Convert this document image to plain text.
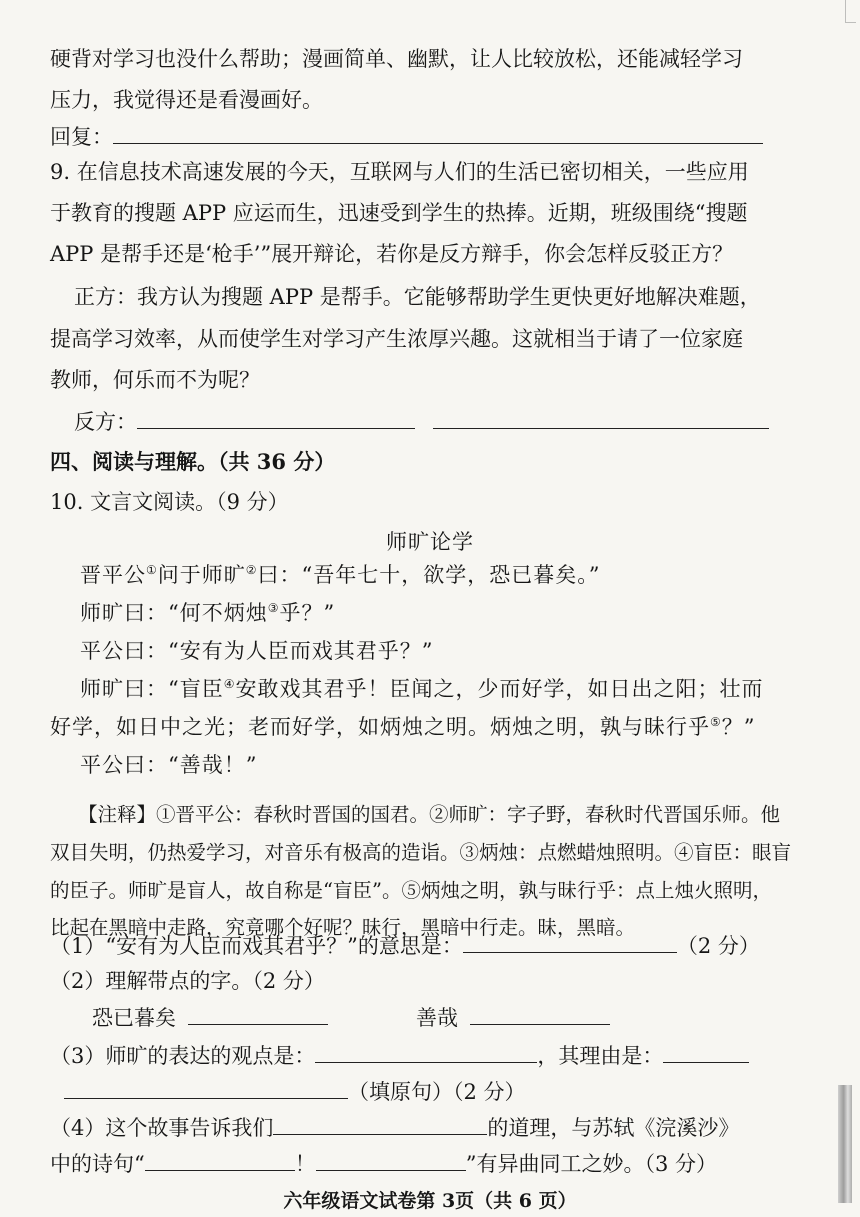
硬背对学习也没什么帮助；漫画简单、幽默，让人比较放松，还能减轻学习
压力，我觉得还是看漫画好。
回复：
9. 在信息技术高速发展的今天，互联网与人们的生活已密切相关，一些应用
于教育的搜题 APP 应运而生，迅速受到学生的热捧。近期，班级围绕“搜题
APP 是帮手还是‘枪手’”展开辩论，若你是反方辩手，你会怎样反驳正方？
正方：我方认为搜题 APP 是帮手。它能够帮助学生更快更好地解决难题，
提高学习效率，从而使学生对学习产生浓厚兴趣。这就相当于请了一位家庭
教师，何乐而不为呢？
反方：
四、阅读与理解。（共 36 分）
10. 文言文阅读。（9 分）
师旷论学
晋平公①问于师旷②曰：“吾年七十，欲学，恐已暮矣。”
师旷曰：“何不炳烛③乎？”
平公曰：“安有为人臣而戏其君乎？”
师旷曰：“盲臣④安敢戏其君乎！臣闻之，少而好学，如日出之阳；壮而
好学，如日中之光；老而好学，如炳烛之明。炳烛之明，孰与昧行乎⑤？”
平公曰：“善哉！”
【注释】①晋平公：春秋时晋国的国君。②师旷：字子野，春秋时代晋国乐师。他
双目失明，仍热爱学习，对音乐有极高的造诣。③炳烛：点燃蜡烛照明。④盲臣：眼盲
的臣子。师旷是盲人，故自称是“盲臣”。⑤炳烛之明，孰与昧行乎：点上烛火照明，
比起在黑暗中走路，究竟哪个好呢？昧行，黑暗中行走。昧，黑暗。
（1）“安有为人臣而戏其君乎？”的意思是：	（2 分）
（2）理解带点的字。（2 分）
恐已暮矣	善哉
（3）师旷的表达的观点是：	，其理由是：
（填原句）（2 分）
（4）这个故事告诉我们	的道理，与苏轼《浣溪沙》
中的诗句“	！	”有异曲同工之妙。（3 分）
六年级语文试卷第 3页（共 6 页）
